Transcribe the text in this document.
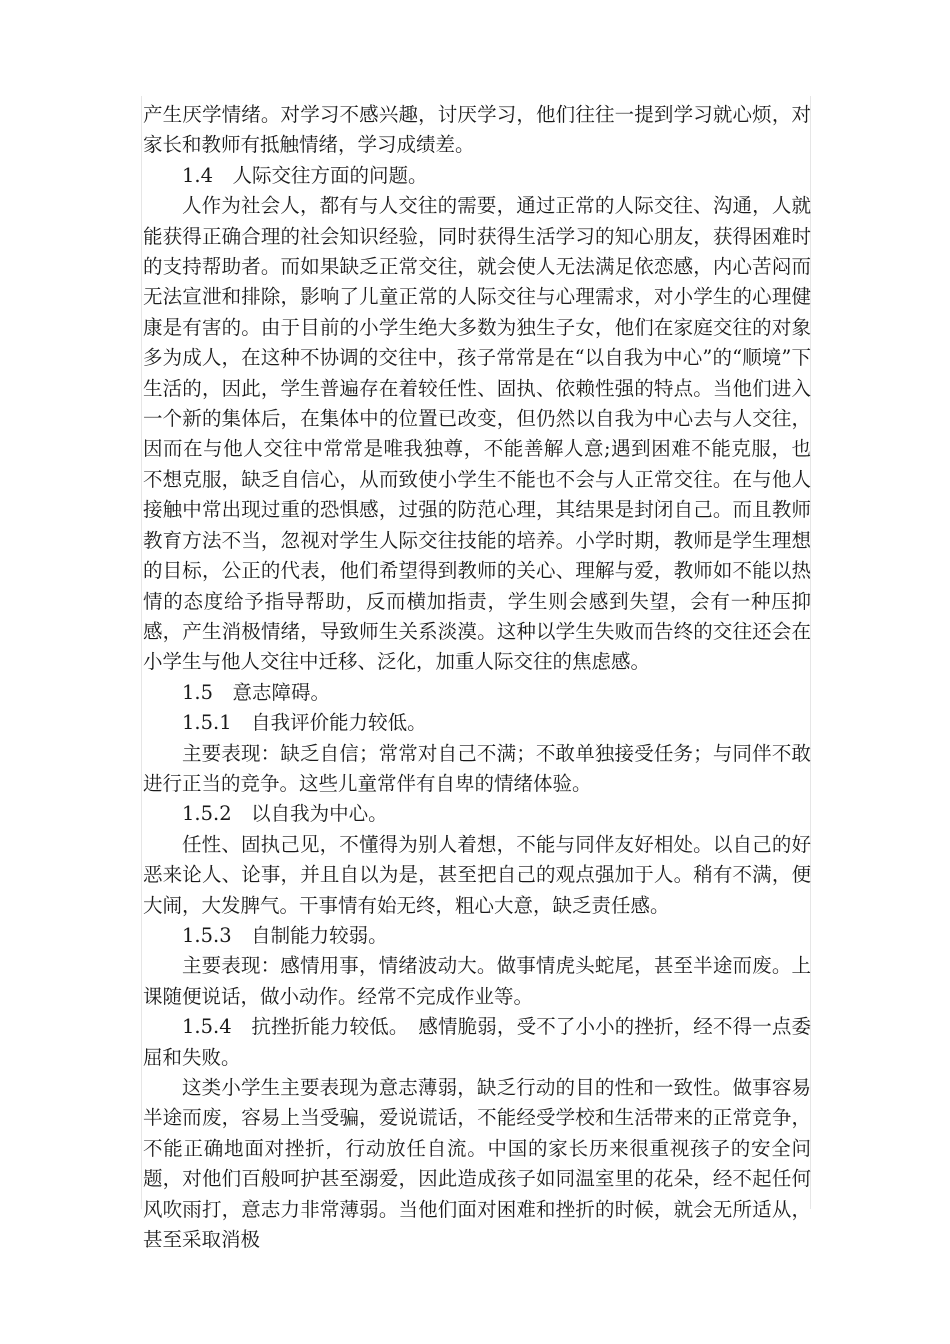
产生厌学情绪。对学习不感兴趣，讨厌学习，他们往往一提到学习就心烦，对家长和教师有抵触情绪，学习成绩差。

1.4　人际交往方面的问题。

人作为社会人，都有与人交往的需要，通过正常的人际交往、沟通，人就能获得正确合理的社会知识经验，同时获得生活学习的知心朋友，获得困难时的支持帮助者。而如果缺乏正常交往，就会使人无法满足依恋感，内心苦闷而无法宣泄和排除，影响了儿童正常的人际交往与心理需求，对小学生的心理健康是有害的。由于目前的小学生绝大多数为独生子女，他们在家庭交往的对象多为成人，在这种不协调的交往中，孩子常常是在“以自我为中心”的“顺境”下生活的，因此，学生普遍存在着较任性、固执、依赖性强的特点。当他们进入一个新的集体后，在集体中的位置已改变，但仍然以自我为中心去与人交往，因而在与他人交往中常常是唯我独尊，不能善解人意;遇到困难不能克服，也不想克服，缺乏自信心，从而致使小学生不能也不会与人正常交往。在与他人接触中常出现过重的恐惧感，过强的防范心理，其结果是封闭自己。而且教师教育方法不当，忽视对学生人际交往技能的培养。小学时期，教师是学生理想的目标，公正的代表，他们希望得到教师的关心、理解与爱，教师如不能以热情的态度给予指导帮助，反而横加指责，学生则会感到失望，会有一种压抑感，产生消极情绪，导致师生关系淡漠。这种以学生失败而告终的交往还会在小学生与他人交往中迁移、泛化，加重人际交往的焦虑感。

1.5　意志障碍。

1.5.1　自我评价能力较低。

主要表现：缺乏自信；常常对自己不满；不敢单独接受任务；与同伴不敢进行正当的竞争。这些儿童常伴有自卑的情绪体验。

1.5.2　以自我为中心。

任性、固执己见，不懂得为别人着想，不能与同伴友好相处。以自己的好恶来论人、论事，并且自以为是，甚至把自己的观点强加于人。稍有不满，便大闹，大发脾气。干事情有始无终，粗心大意，缺乏责任感。

1.5.3　自制能力较弱。

主要表现：感情用事，情绪波动大。做事情虎头蛇尾，甚至半途而废。上课随便说话，做小动作。经常不完成作业等。

1.5.4　抗挫折能力较低。　感情脆弱，受不了小小的挫折，经不得一点委屈和失败。

这类小学生主要表现为意志薄弱，缺乏行动的目的性和一致性。做事容易半途而废，容易上当受骗，爱说谎话，不能经受学校和生活带来的正常竞争，不能正确地面对挫折，行动放任自流。中国的家长历来很重视孩子的安全问题，对他们百般呵护甚至溺爱，因此造成孩子如同温室里的花朵，经不起任何风吹雨打，意志力非常薄弱。当他们面对困难和挫折的时候，就会无所适从，甚至采取消极
